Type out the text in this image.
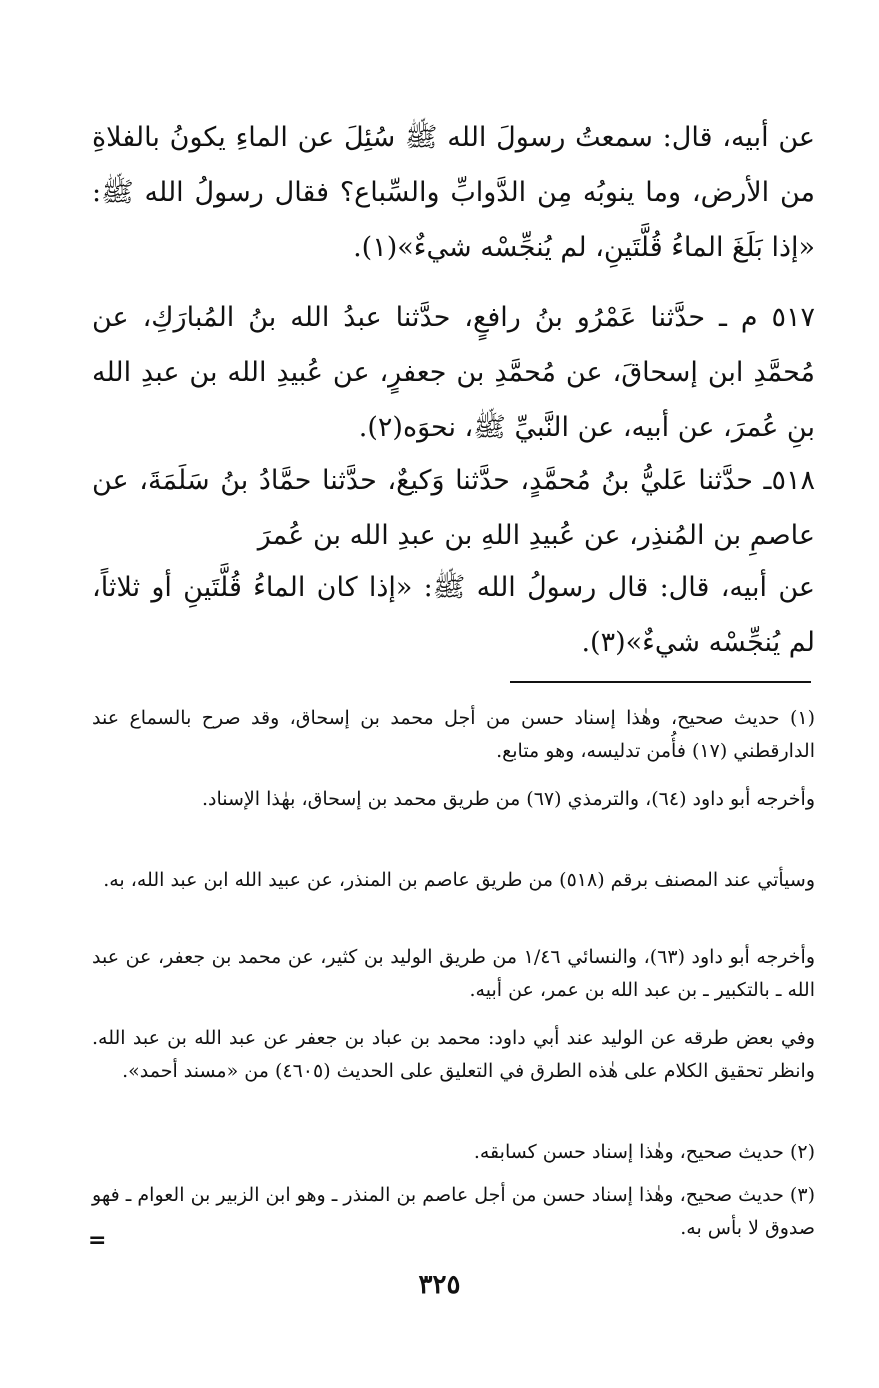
عن أبيه، قال: سمعتُ رسولَ الله ﷺ سُئِلَ عن الماءِ يكونُ بالفلاةِ من الأرض، وما ينوبُه مِن الدَّوابِّ والسِّباع؟ فقال رسولُ الله ﷺ: «إذا بَلَغَ الماءُ قُلَّتَينِ، لم يُنجِّسْه شيءٌ»(١).

٥١٧ م ـ حدَّثنا عَمْرُو بنُ رافعٍ، حدَّثنا عبدُ الله بنُ المُبارَكِ، عن مُحمَّدِ ابن إسحاقَ، عن مُحمَّدِ بن جعفرٍ، عن عُبيدِ الله بن عبدِ الله بنِ عُمرَ، عن أبيه، عن النَّبيِّ ﷺ، نحوَه(٢).

٥١٨ـ حدَّثنا عَليُّ بنُ مُحمَّدٍ، حدَّثنا وَكيعٌ، حدَّثنا حمَّادُ بنُ سَلَمَةَ، عن عاصمِ بن المُنذِر، عن عُبيدِ اللهِ بن عبدِ الله بن عُمرَ

عن أبيه، قال: قال رسولُ الله ﷺ: «إذا كان الماءُ قُلَّتَينِ أو ثلاثاً، لم يُنجِّسْه شيءٌ»(٣).

(١) حديث صحيح، وهٰذا إسناد حسن من أجل محمد بن إسحاق، وقد صرح بالسماع عند الدارقطني (١٧) فأُمن تدليسه، وهو متابع.

وأخرجه أبو داود (٦٤)، والترمذي (٦٧) من طريق محمد بن إسحاق، بهٰذا الإسناد.

وسيأتي عند المصنف برقم (٥١٨) من طريق عاصم بن المنذر، عن عبيد الله ابن عبد الله، به.

وأخرجه أبو داود (٦٣)، والنسائي ١/٤٦ من طريق الوليد بن كثير، عن محمد بن جعفر، عن عبد الله ـ بالتكبير ـ بن عبد الله بن عمر، عن أبيه.

وفي بعض طرقه عن الوليد عند أبي داود: محمد بن عباد بن جعفر عن عبد الله بن عبد الله. وانظر تحقيق الكلام على هٰذه الطرق في التعليق على الحديث (٤٦٠٥) من «مسند أحمد».

(٢) حديث صحيح، وهٰذا إسناد حسن كسابقه.

(٣) حديث صحيح، وهٰذا إسناد حسن من أجل عاصم بن المنذر ـ وهو ابن الزبير بن العوام ـ فهو صدوق لا بأس به.

=
٣٢٥
